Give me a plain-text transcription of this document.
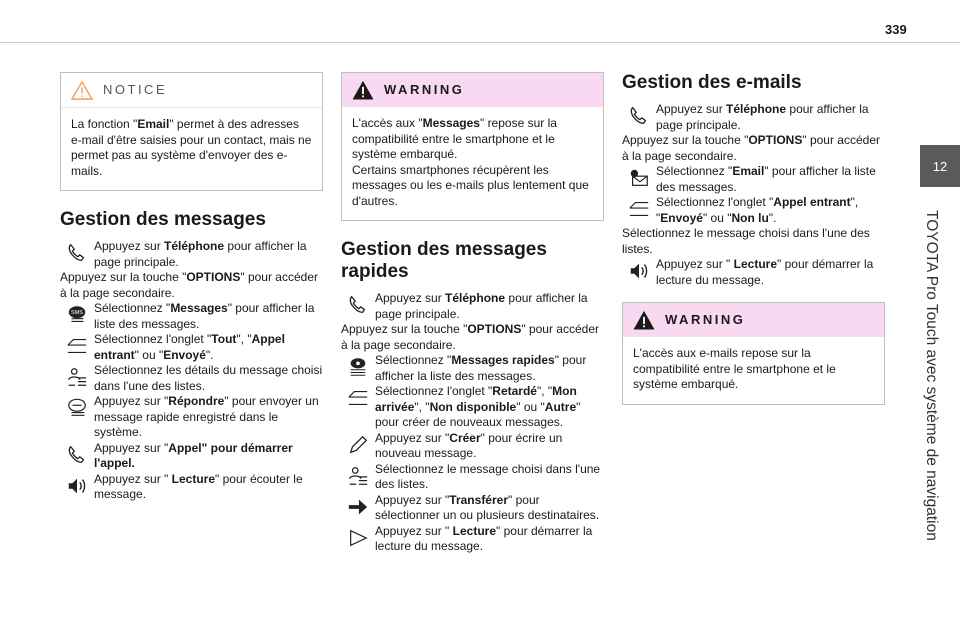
339
12
TOYOTA Pro Touch avec système de navigation
NOTICE

La fonction "Email" permet à des adresses e-mail d'être saisies pour un contact, mais ne permet pas au système d'envoyer des e-mails.

Gestion des messages
Appuyez sur Téléphone pour afficher la page principale.

Appuyez sur la touche "OPTIONS" pour accéder à la page secondaire.

SMS Sélectionnez "Messages" pour afficher la liste des messages.
Sélectionnez l'onglet "Tout", "Appel entrant" ou "Envoyé".
Sélectionnez les détails du message choisi dans l'une des listes.
Appuyez sur "Répondre" pour envoyer un message rapide enregistré dans le système.
Appuyez sur "Appel" pour démarrer l'appel.
Appuyez sur " Lecture" pour écouter le message.
WARNING

L'accès aux "Messages" repose sur la compatibilité entre le smartphone et le système embarqué.

Certains smartphones récupèrent les messages ou les e-mails plus lentement que d'autres.

Gestion des messages rapides
Appuyez sur Téléphone pour afficher la page principale.

Appuyez sur la touche "OPTIONS" pour accéder à la page secondaire.

Sélectionnez "Messages rapides" pour afficher la liste des messages.
Sélectionnez l'onglet "Retardé", "Mon arrivée", "Non disponible" ou "Autre" pour créer de nouveaux messages.
Appuyez sur "Créer" pour écrire un nouveau message.
Sélectionnez le message choisi dans l'une des listes.
Appuyez sur "Transférer" pour sélectionner un ou plusieurs destinataires.
Appuyez sur " Lecture" pour démarrer la lecture du message.
Gestion des e-mails
Appuyez sur Téléphone pour afficher la page principale.

Appuyez sur la touche "OPTIONS" pour accéder à la page secondaire.

Sélectionnez "Email" pour afficher la liste des messages.
Sélectionnez l'onglet "Appel entrant", "Envoyé" ou "Non lu".

Sélectionnez le message choisi dans l'une des listes.

Appuyez sur " Lecture" pour démarrer la lecture du message.
WARNING

L'accès aux e-mails repose sur la compatibilité entre le smartphone et le système embarqué.
